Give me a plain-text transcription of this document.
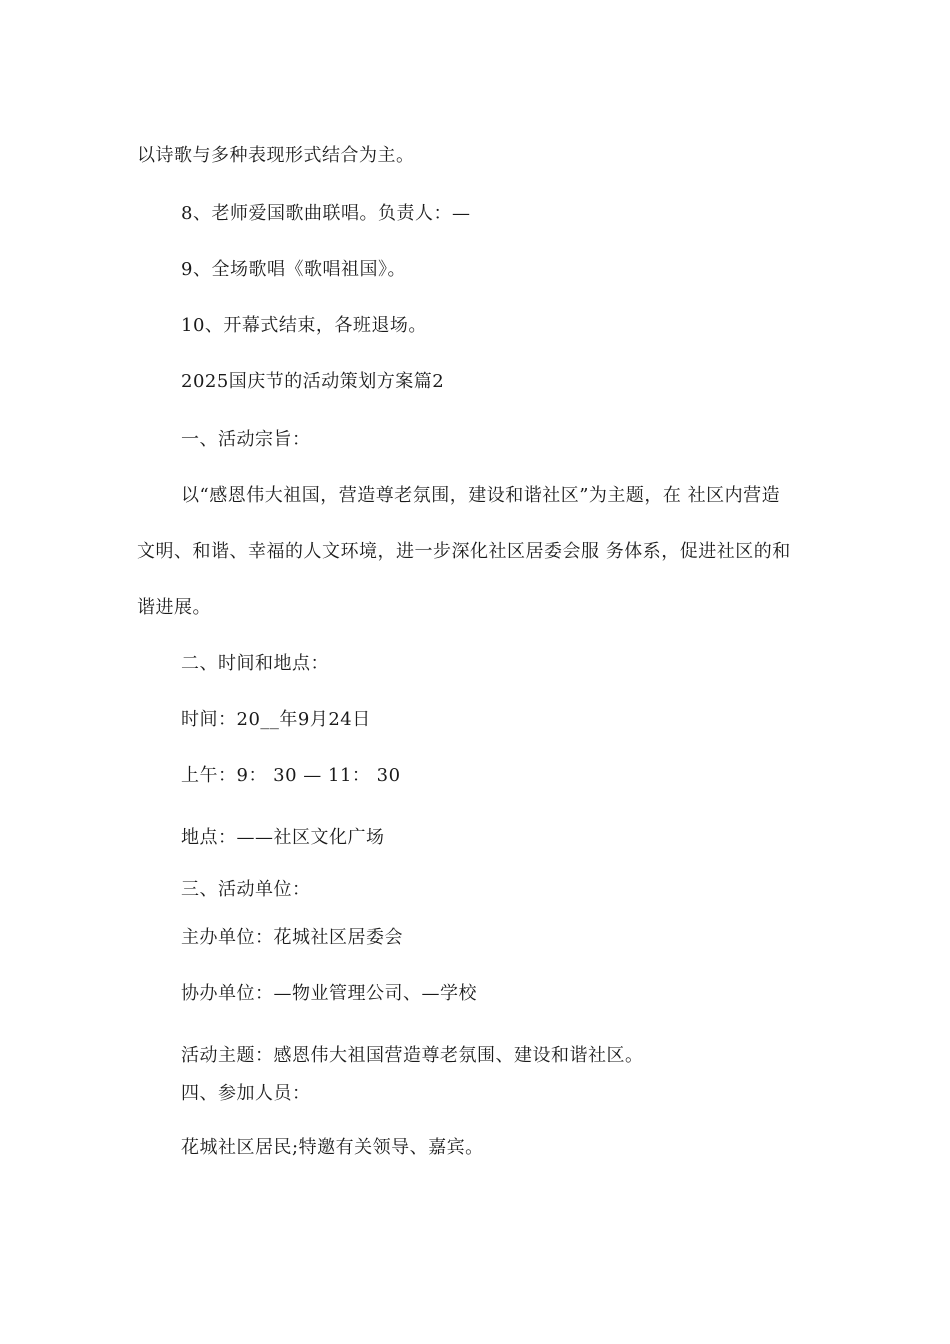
以诗歌与多种表现形式结合为主。
8、老师爱国歌曲联唱。负责人：—
9、全场歌唱《歌唱祖国》。
10、开幕式结束，各班退场。
2025国庆节的活动策划方案篇2
一、活动宗旨：
以“感恩伟大祖国，营造尊老氛围，建设和谐社区”为主题，在 社区内营造
文明、和谐、幸福的人文环境，进一步深化社区居委会服 务体系，促进社区的和
谐进展。
二、时间和地点：
时间：20__年9月24日
上午：9： 30 — 11： 30
地点：——社区文化广场
三、活动单位：
主办单位：花城社区居委会
协办单位：—物业管理公司、—学校
活动主题：感恩伟大祖国营造尊老氛围、建设和谐社区。
四、参加人员：
花城社区居民;特邀有关领导、嘉宾。
